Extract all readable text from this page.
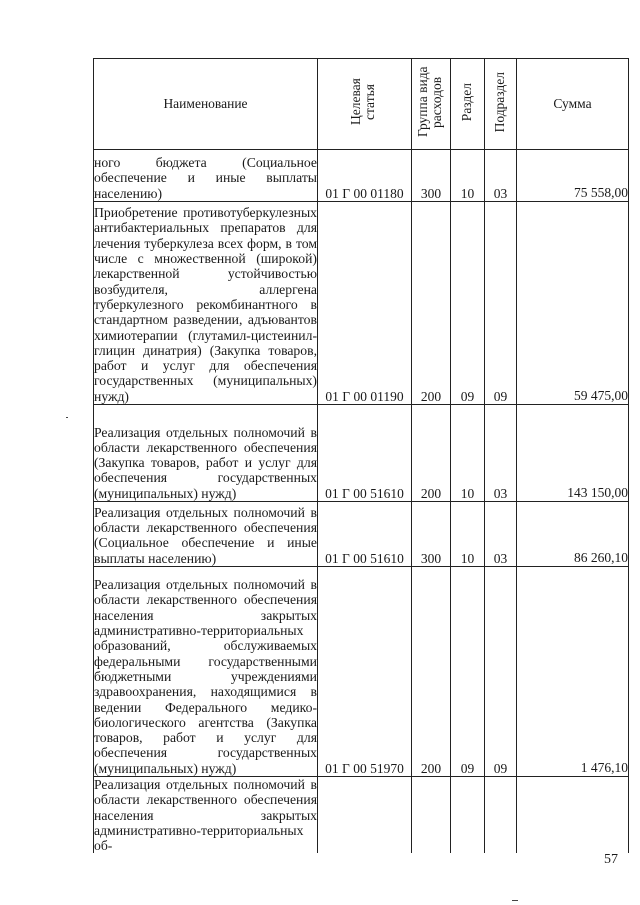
Наименование	Целевая статья	Группа вида расходов	Раздел	Подраздел	Сумма
ного бюджета (Социальное обеспечение и иные выплаты населению)	01 Г 00 01180	300	10	03	75 558,00
Приобретение противотуберкулезных антибактериальных препаратов для лечения туберкулеза всех форм, в том числе с множественной (широкой) лекарственной устойчивостью возбудителя, аллергена туберкулезного рекомбинантного в стандартном разведении, адъювантов химиотерапии (глутамил-цистеинил-глицин динатрия) (Закупка товаров, работ и услуг для обеспечения государственных (муниципальных) нужд)	01 Г 00 01190	200	09	09	59 475,00
Реализация отдельных полномочий в области лекарственного обеспечения (Закупка товаров, работ и услуг для обеспечения государственных (муниципальных) нужд)	01 Г 00 51610	200	10	03	143 150,00
Реализация отдельных полномочий в области лекарственного обеспечения (Социальное обеспечение и иные выплаты населению)	01 Г 00 51610	300	10	03	86 260,10
Реализация отдельных полномочий в области лекарственного обеспечения населения закрытых административно-территориальных образований, обслуживаемых федеральными государственными бюджетными учреждениями здравоохранения, находящимися в ведении Федерального медико-биологического агентства (Закупка товаров, работ и услуг для обеспечения государственных (муниципальных) нужд)	01 Г 00 51970	200	09	09	1 476,10
Реализация отдельных полномочий в области лекарственного обеспечения населения закрытых административно-территориальных об-					
57
